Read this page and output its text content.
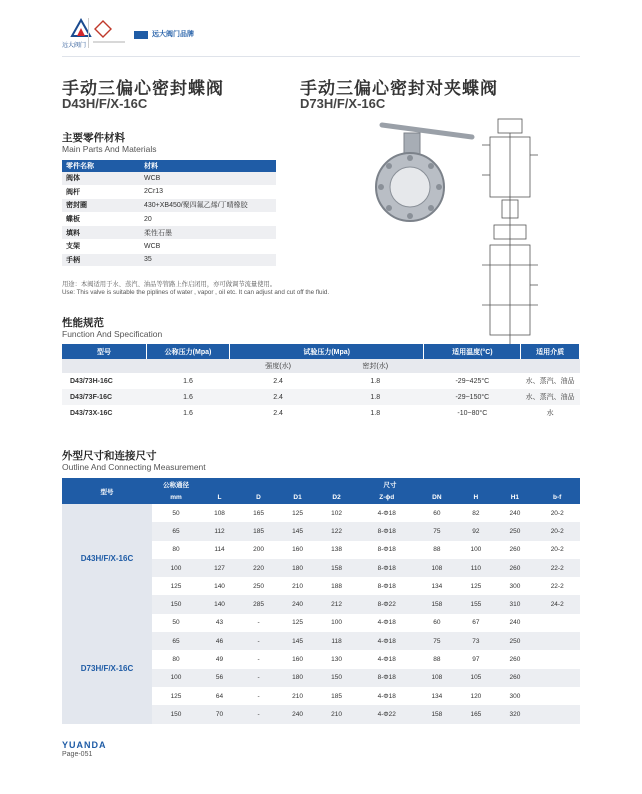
远大阀门
远大阀门品牌
手动三偏心密封蝶阀
D43H/F/X-16C
手动三偏心密封对夹蝶阀
D73H/F/X-16C
主要零件材料
Main Parts And Materials
零件名称	材料
阀体	WCB
阀杆	2Cr13
密封圈	430+XB450/聚四氟乙烯/丁晴橡胶
蝶板	20
填料	柔性石墨
支架	WCB
手柄	35
用途：本阀适用于水、蒸汽、油品等管路上作启闭用，亦可做调节流量使用。
Use: This valve is suitable the piplines of water , vapor , oil etc. It can adjust and cut off the fluid.
性能规范
Function And Specification
型号	公称压力(Mpa)	试验压力(Mpa)		适用温度(°C)	适用介质
		强度(水)	密封(水)		
D43/73H-16C	1.6	2.4	1.8	-29~425°C	水、蒸汽、油品
D43/73F-16C	1.6	2.4	1.8	-29~150°C	水、蒸汽、油品
D43/73X-16C	1.6	2.4	1.8	-10~80°C	水
外型尺寸和连接尺寸
Outline And Connecting Measurement
型号	公称通径	尺寸								
	mm	L	D	D1	D2	Z-ϕd	DN	H	H1	b-f
D43H/F/X-16C	50	108	165	125	102	4-Φ18	60	82	240	20-2
	65	112	185	145	122	8-Φ18	75	92	250	20-2
	80	114	200	160	138	8-Φ18	88	100	260	20-2
	100	127	220	180	158	8-Φ18	108	110	260	22-2
	125	140	250	210	188	8-Φ18	134	125	300	22-2
	150	140	285	240	212	8-Φ22	158	155	310	24-2
D73H/F/X-16C	50	43	-	125	100	4-Φ18	60	67	240	
	65	46	-	145	118	4-Φ18	75	73	250	
	80	49	-	160	130	4-Φ18	88	97	260	
	100	56	-	180	150	8-Φ18	108	105	260	
	125	64	-	210	185	4-Φ18	134	120	300	
	150	70	-	240	210	4-Φ22	158	165	320	
YUANDA
Page-051
